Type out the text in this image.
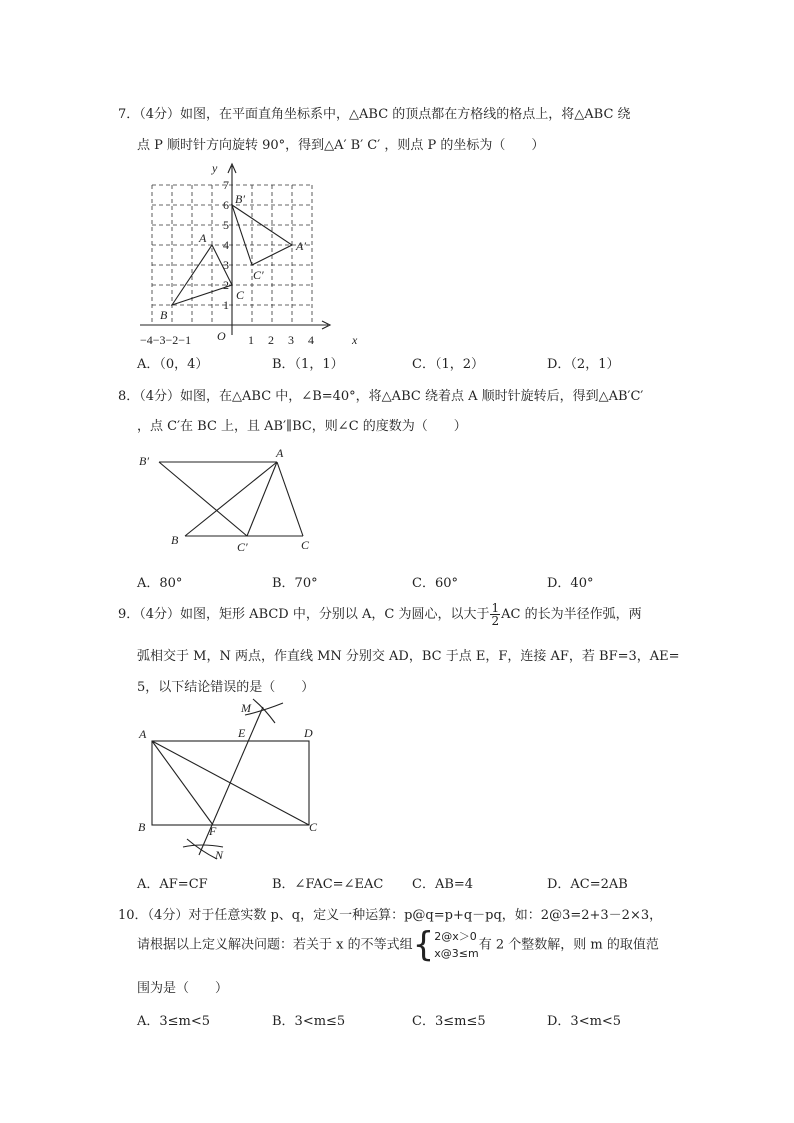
7．（4分）如图，在平面直角坐标系中，△ABC 的顶点都在方格线的格点上，将△ABC 绕
点 P 顺时针方向旋转 90°，得到△A′ B′ C′ ，则点 P 的坐标为（　　）
y
x
O
1
2
3
4
5
6
7
−4−3−2−1	1 2 3 4
A
B
C
A′
B′
C′
A．（0，4）	B．（1，1）	C．（1，2）	D．（2，1）
8．（4分）如图，在△ABC 中，∠B=40°，将△ABC 绕着点 A 顺时针旋转后，得到△AB′C′
，点 C′在 BC 上，且 AB′∥BC，则∠C 的度数为（　　）
B′
A
B	C′	C
A．80°	B．70°	C．60°	D．40°
9．（4分）如图，矩形 ABCD 中，分别以 A，C 为圆心，以大于 $\frac{1}{2}$ AC 的长为半径作弧，两
弧相交于 M，N 两点，作直线 MN 分别交 AD，BC 于点 E，F，连接 AF，若 BF=3，AE=
5，以下结论错误的是（　　）
M
A	E	D
B	F	C
N
A．AF=CF	B．∠FAC=∠EAC C．AB=4	D．AC=2AB
10．（4分）对于任意实数 p、q，定义一种运算：p@q=p+q－pq，如：2@3=2+3－2×3，
请根据以上定义解决问题：若关于 x 的不等式组{ 2@x＞0
x@3≤m
有 2 个整数解，则 m 的取值范
围为是（　　）
A．3≤m<5	B．3<m≤5	C．3≤m≤5	D．3<m<5
